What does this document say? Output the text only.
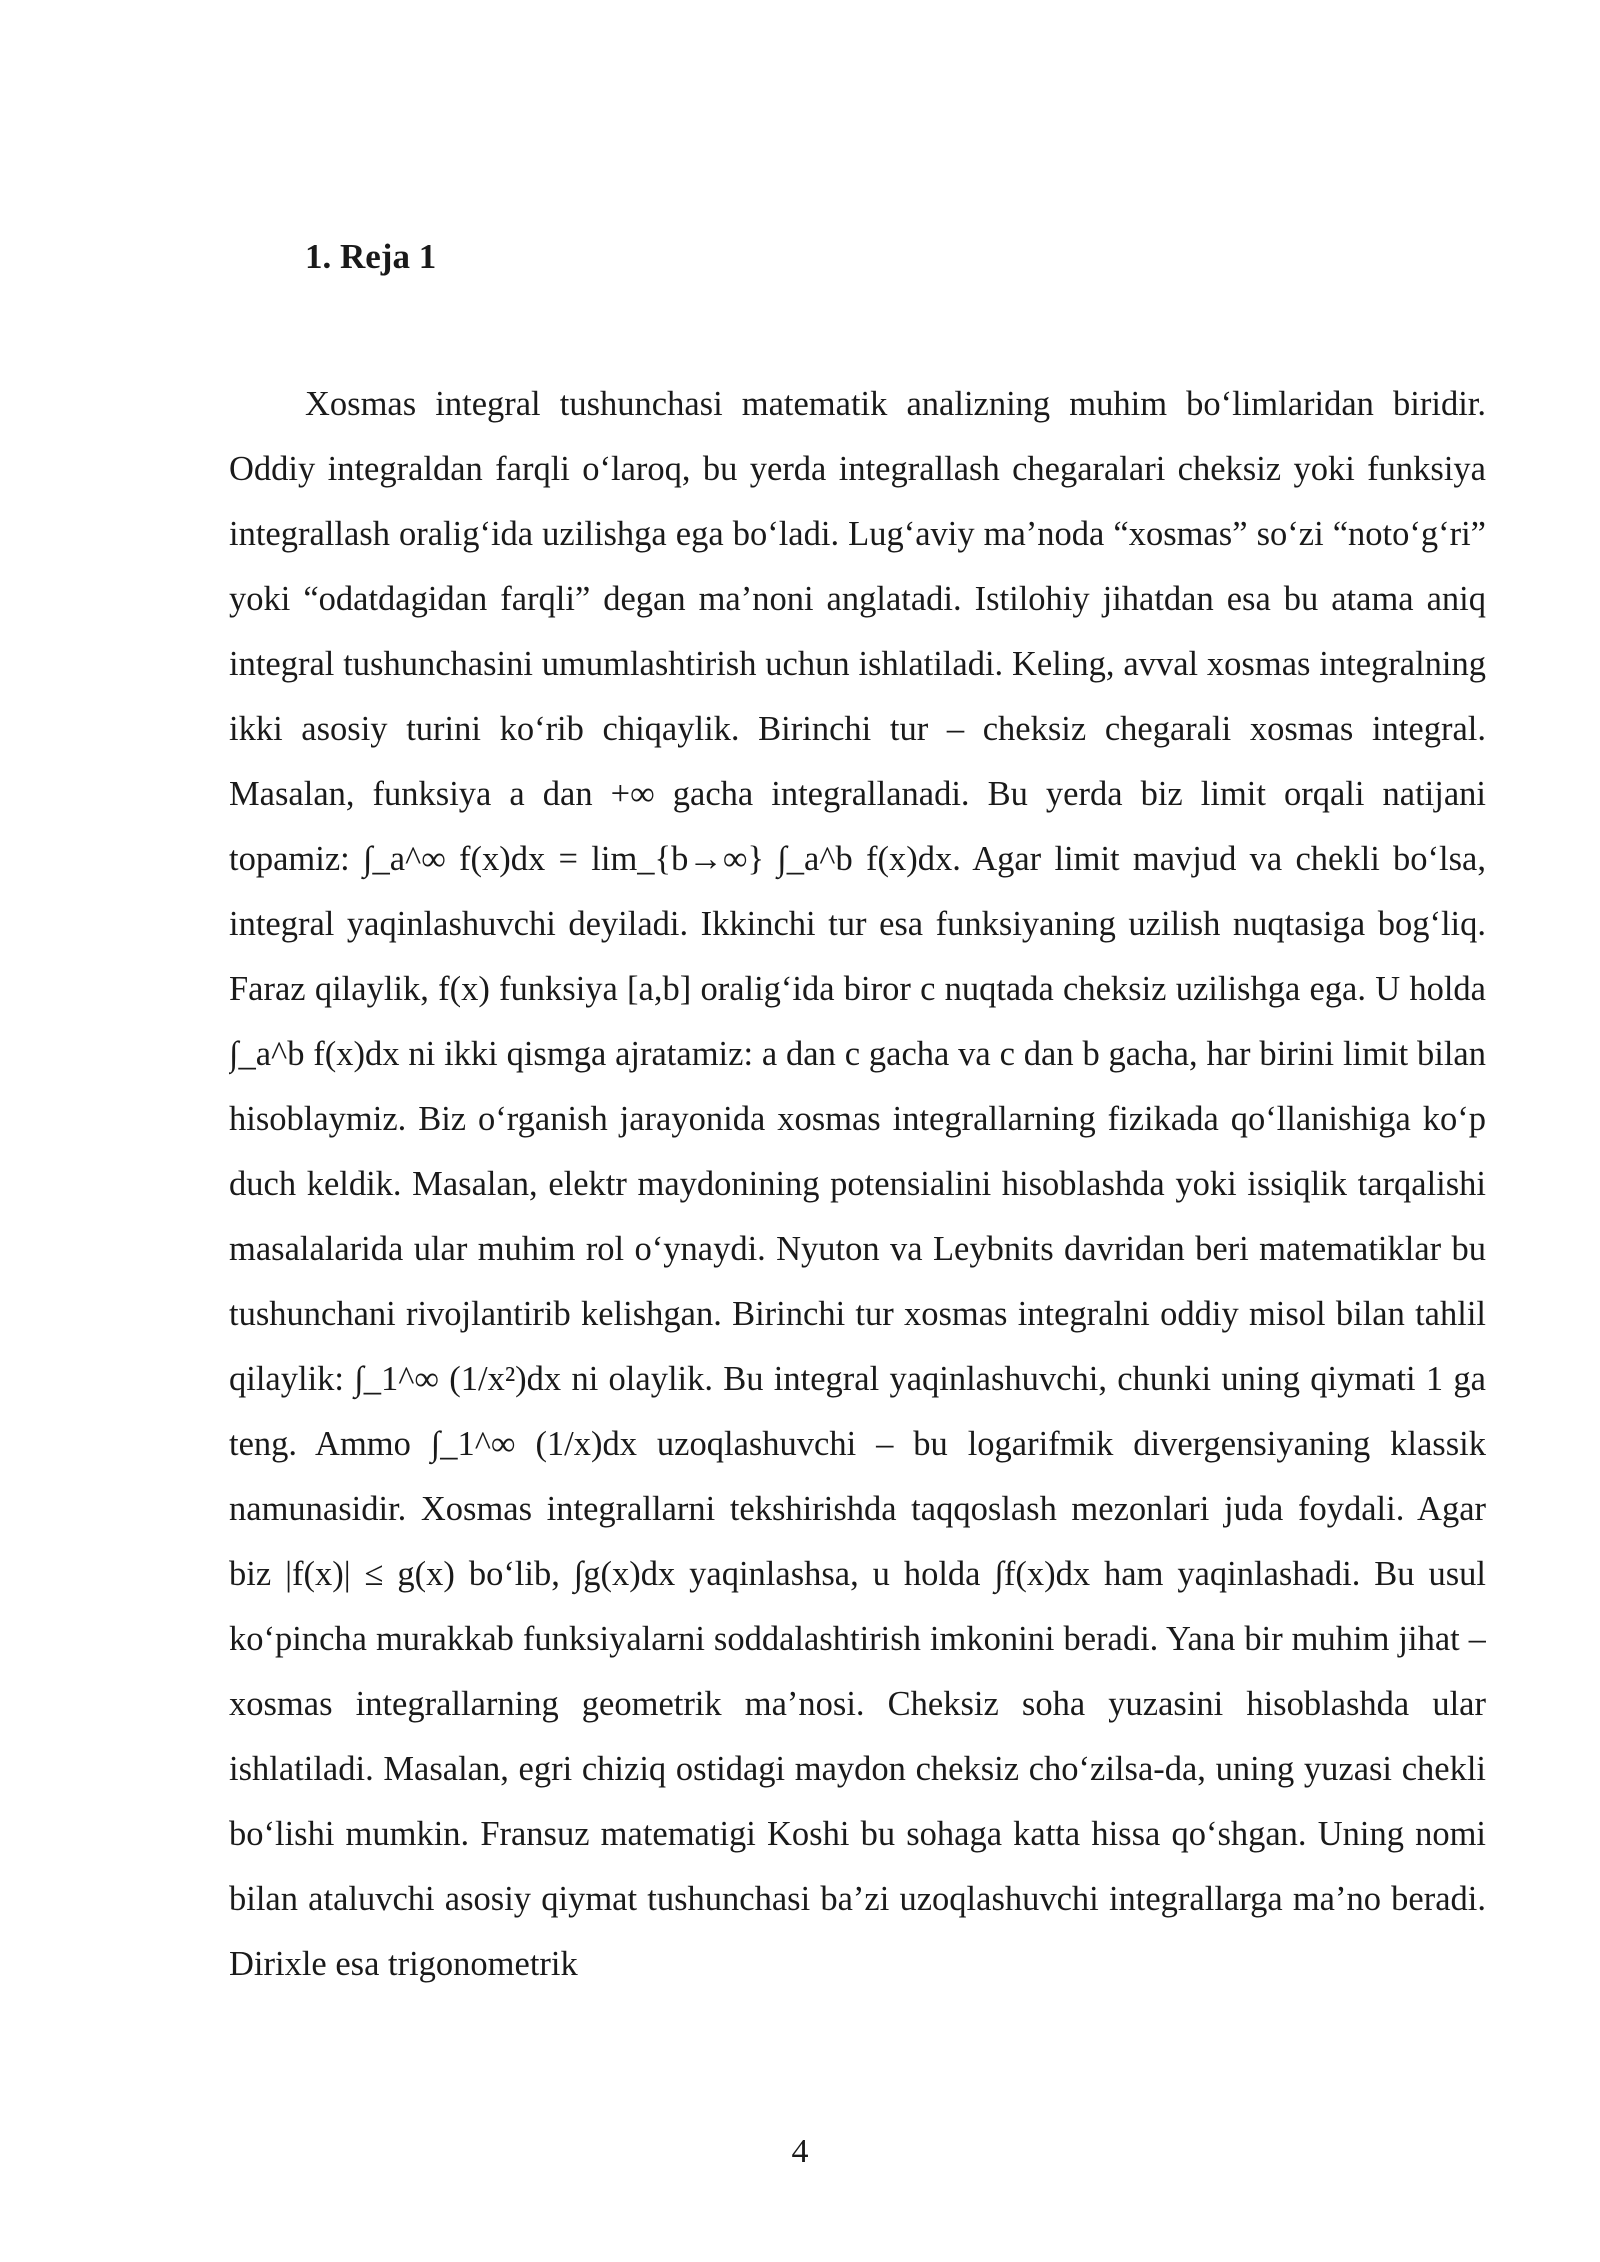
1. Reja 1

Xosmas integral tushunchasi matematik analizning muhim bo‘limlaridan biridir. Oddiy integraldan farqli o‘laroq, bu yerda integrallash chegaralari cheksiz yoki funksiya integrallash oralig‘ida uzilishga ega bo‘ladi. Lug‘aviy ma’noda “xosmas” so‘zi “noto‘g‘ri” yoki “odatdagidan farqli” degan ma’noni anglatadi. Istilohiy jihatdan esa bu atama aniq integral tushunchasini umumlashtirish uchun ishlatiladi. Keling, avval xosmas integralning ikki asosiy turini ko‘rib chiqaylik. Birinchi tur – cheksiz chegarali xosmas integral. Masalan, funksiya a dan +∞ gacha integrallanadi. Bu yerda biz limit orqali natijani topamiz: ∫_a^∞ f(x)dx = lim_{b→∞} ∫_a^b f(x)dx. Agar limit mavjud va chekli bo‘lsa, integral yaqinlashuvchi deyiladi. Ikkinchi tur esa funksiyaning uzilish nuqtasiga bog‘liq. Faraz qilaylik, f(x) funksiya [a,b] oralig‘ida biror c nuqtada cheksiz uzilishga ega. U holda ∫_a^b f(x)dx ni ikki qismga ajratamiz: a dan c gacha va c dan b gacha, har birini limit bilan hisoblaymiz. Biz o‘rganish jarayonida xosmas integrallarning fizikada qo‘llanishiga ko‘p duch keldik. Masalan, elektr maydonining potensialini hisoblashda yoki issiqlik tarqalishi masalalarida ular muhim rol o‘ynaydi. Nyuton va Leybnits davridan beri matematiklar bu tushunchani rivojlantirib kelishgan. Birinchi tur xosmas integralni oddiy misol bilan tahlil qilaylik: ∫_1^∞ (1/x²)dx ni olaylik. Bu integral yaqinlashuvchi, chunki uning qiymati 1 ga teng. Ammo ∫_1^∞ (1/x)dx uzoqlashuvchi – bu logarifmik divergensiyaning klassik namunasidir. Xosmas integrallarni tekshirishda taqqoslash mezonlari juda foydali. Agar biz |f(x)| ≤ g(x) bo‘lib, ∫g(x)dx yaqinlashsa, u holda ∫f(x)dx ham yaqinlashadi. Bu usul ko‘pincha murakkab funksiyalarni soddalashtirish imkonini beradi. Yana bir muhim jihat – xosmas integrallarning geometrik ma’nosi. Cheksiz soha yuzasini hisoblashda ular ishlatiladi. Masalan, egri chiziq ostidagi maydon cheksiz cho‘zilsa-da, uning yuzasi chekli bo‘lishi mumkin. Fransuz matematigi Koshi bu sohaga katta hissa qo‘shgan. Uning nomi bilan ataluvchi asosiy qiymat tushunchasi ba’zi uzoqlashuvchi integrallarga ma’no beradi. Dirixle esa trigonometrik

4
